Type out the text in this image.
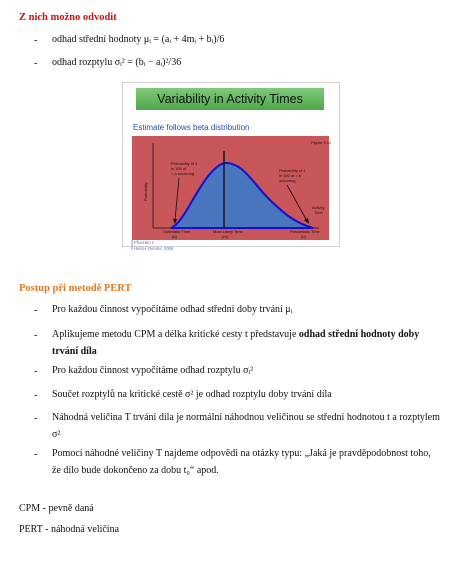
Z nich možno odvodit
- odhad střední hodnoty μᵢ = (aᵢ + 4mᵢ + bᵢ)/6
- odhad rozptylu σᵢ² = (bᵢ − aᵢ)²/36
Variability in Activity Times
Estimate follows beta distribution
Figure 3.12
Probability
Probability of 1 in 100 of < a occurring
Probability of 1 in 100 of > b occurring
Activity Time
Optimistic Time (a)
Most Likely Time (m)
Pessimistic Time (b)
Převzato z Heizer, Render, 2008
Postup při metodě PERT
- Pro každou činnost vypočítáme odhad střední doby trvání μᵢ
- Aplikujeme metodu CPM a délka kritické cesty t představuje odhad střední hodnoty doby trvání díla
- Pro každou činnost vypočítáme odhad rozptylu σᵢ²
- Součet rozptylů na kritické cestě σ² je odhad rozptylu doby trvání díla
- Náhodná veličina T trvání díla je normální náhodnou veličinou se střední hodnotou t a rozptylem σ²
- Pomocí náhodné veličiny T najdeme odpovědi na otázky typu: „Jaká je pravděpodobnost toho, že dílo bude dokončeno za dobu t₀“ apod.
CPM - pevně daná
PERT - náhodná veličina
